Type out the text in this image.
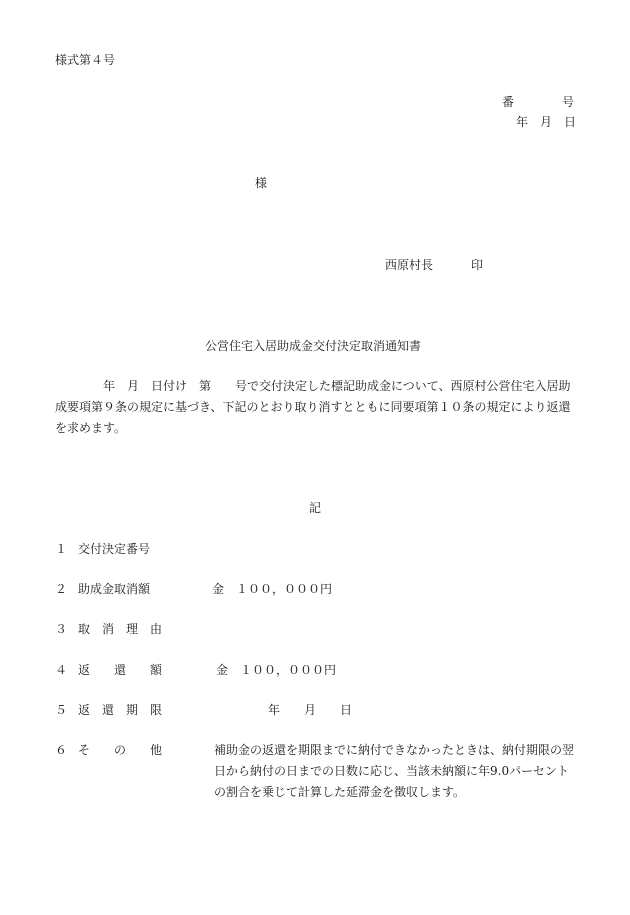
様式第４号
番　　　　号
年　月　日
様
西原村長	印
公営住宅入居助成金交付決定取消通知書
　　　　年　月　日付け　第　　号で交付決定した標記助成金について、西原村公営住宅入居助成要項第９条の規定に基づき、下記のとおり取り消すとともに同要項第１０条の規定により返還を求めます。
記
１ 交付決定番号
２ 助成金取消額	金　１００，０００円
３ 取　消　理　由
４ 返　　還　　額	金　１００，０００円
５ 返　還　期　限	年　　月　　日
６ そ　　の　　他	補助金の返還を期限までに納付できなかったときは、納付期限の翌日から納付の日までの日数に応じ、当該未納額に年9.0パーセントの割合を乗じて計算した延滞金を徴収します。
